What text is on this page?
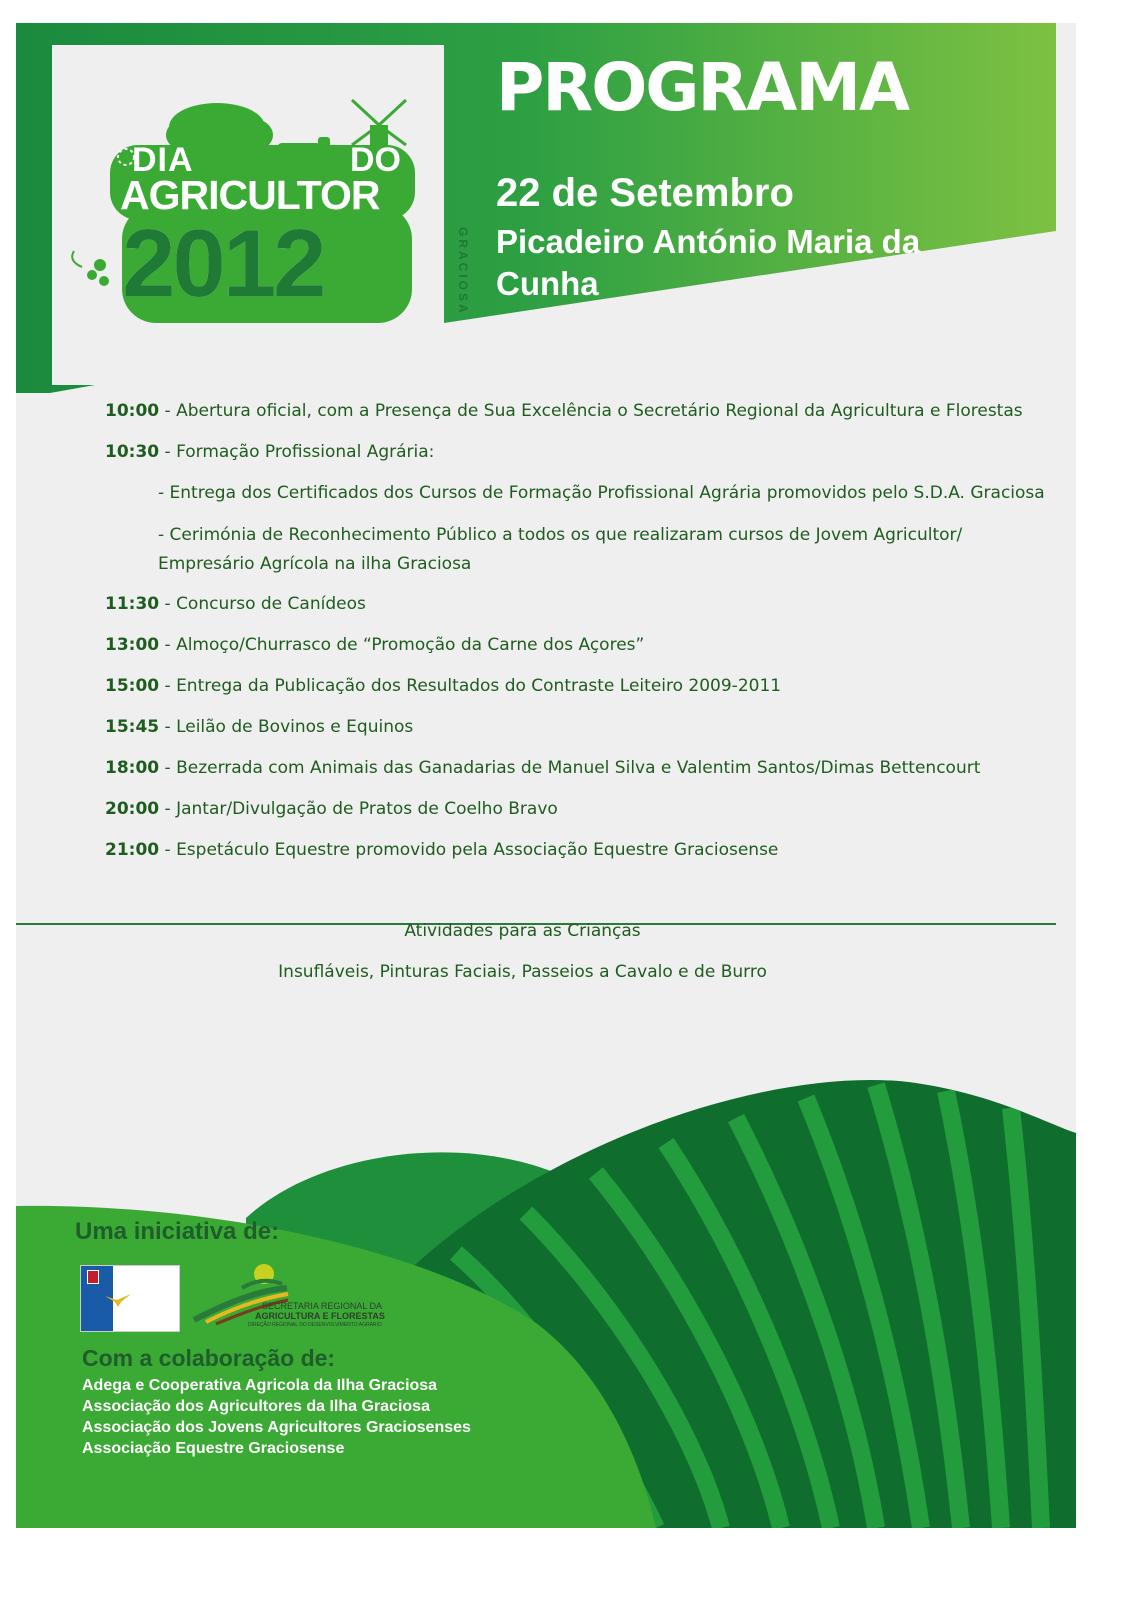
DIA	DO
AGRICULTOR
2012	GRACIOSA
PROGRAMA
22 de Setembro
Picadeiro António Maria da Cunha
10:00 - Abertura oficial, com a Presença de Sua Excelência o Secretário Regional da Agricultura e Florestas
10:30 - Formação Profissional Agrária:
- Entrega dos Certificados dos Cursos de Formação Profissional Agrária promovidos pelo S.D.A. Graciosa
- Cerimónia de Reconhecimento Público a todos os que realizaram cursos de Jovem Agricultor/ Empresário Agrícola na ilha Graciosa
11:30 - Concurso de Canídeos
13:00 - Almoço/Churrasco de “Promoção da Carne dos Açores”
15:00 - Entrega da Publicação dos Resultados do Contraste Leiteiro 2009-2011
15:45 - Leilão de Bovinos e Equinos
18:00 - Bezerrada com Animais das Ganadarias de Manuel Silva e Valentim Santos/Dimas Bettencourt
20:00 - Jantar/Divulgação de Pratos de Coelho Bravo
21:00 - Espetáculo Equestre promovido pela Associação Equestre Graciosense
Atividades para as Crianças
Insufláveis, Pinturas Faciais, Passeios a Cavalo e de Burro
Uma iniciativa de:
SECRETARIA REGIONAL DA
AGRICULTURA E FLORESTAS
DIREÇÃO REGIONAL DO DESENVOLVIMENTO AGRÁRIO
Com a colaboração de:
Adega e Cooperativa Agricola da Ilha Graciosa
Associação dos Agricultores da Ilha Graciosa
Associação dos Jovens Agricultores Graciosenses
Associação Equestre Graciosense
